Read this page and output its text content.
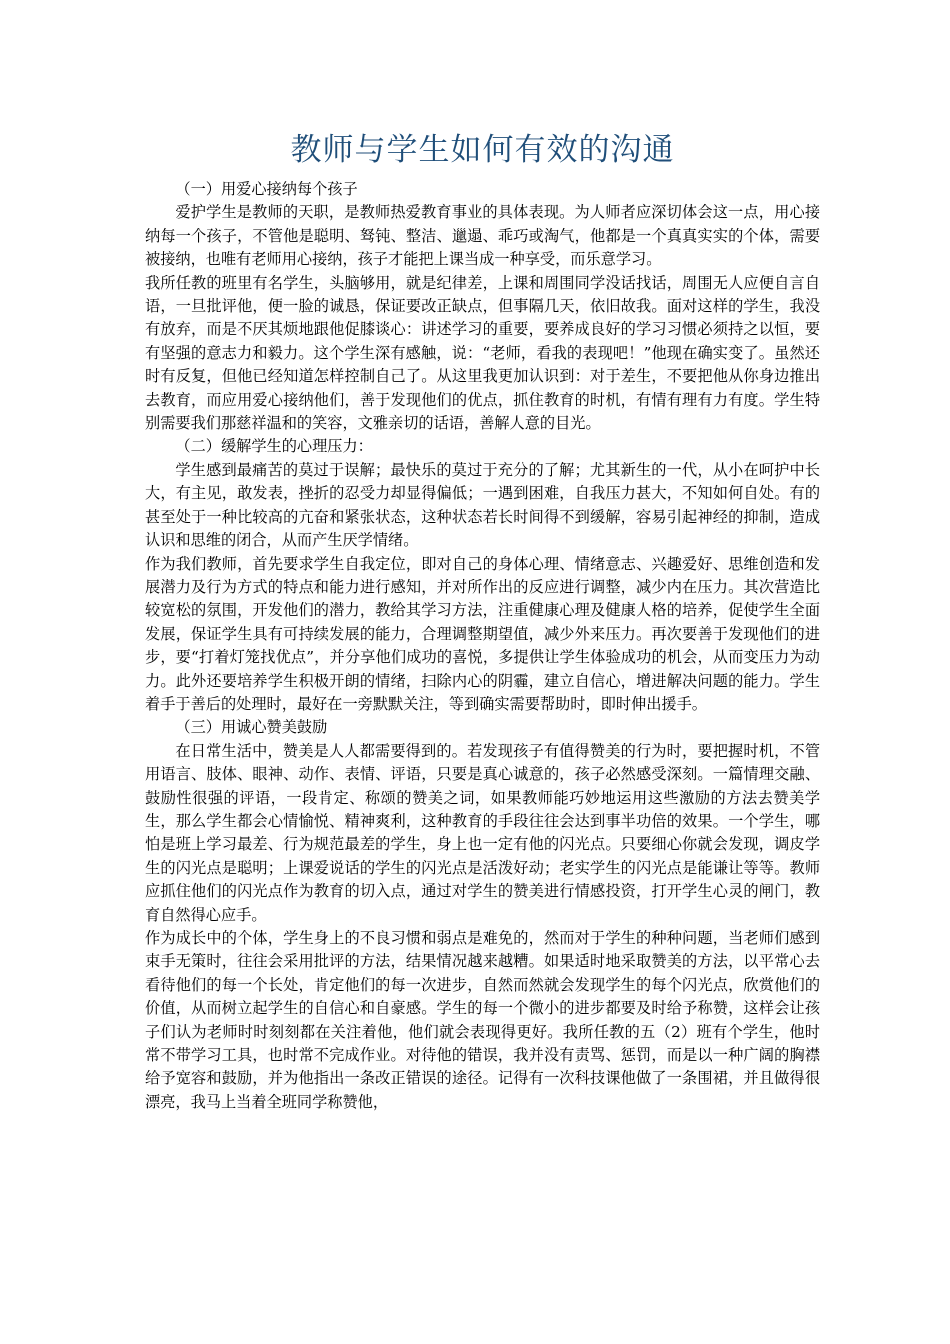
教师与学生如何有效的沟通

（一）用爱心接纳每个孩子

爱护学生是教师的天职，是教师热爱教育事业的具体表现。为人师者应深切体会这一点，用心接纳每一个孩子，不管他是聪明、驽钝、整洁、邋遢、乖巧或淘气，他都是一个真真实实的个体，需要被接纳，也唯有老师用心接纳，孩子才能把上课当成一种享受，而乐意学习。

我所任教的班里有名学生，头脑够用，就是纪律差，上课和周围同学没话找话，周围无人应便自言自语，一旦批评他，便一脸的诚恳，保证要改正缺点，但事隔几天，依旧故我。面对这样的学生，我没有放弃，而是不厌其烦地跟他促膝谈心：讲述学习的重要，要养成良好的学习习惯必须持之以恒，要有坚强的意志力和毅力。这个学生深有感触，说：“老师，看我的表现吧！”他现在确实变了。虽然还时有反复，但他已经知道怎样控制自己了。从这里我更加认识到：对于差生，不要把他从你身边推出去教育，而应用爱心接纳他们，善于发现他们的优点，抓住教育的时机，有情有理有力有度。学生特别需要我们那慈祥温和的笑容，文雅亲切的话语，善解人意的目光。

（二）缓解学生的心理压力：

学生感到最痛苦的莫过于误解；最快乐的莫过于充分的了解；尤其新生的一代，从小在呵护中长大，有主见，敢发表，挫折的忍受力却显得偏低；一遇到困难，自我压力甚大，不知如何自处。有的甚至处于一种比较高的亢奋和紧张状态，这种状态若长时间得不到缓解，容易引起神经的抑制，造成认识和思维的闭合，从而产生厌学情绪。

作为我们教师，首先要求学生自我定位，即对自己的身体心理、情绪意志、兴趣爱好、思维创造和发展潜力及行为方式的特点和能力进行感知，并对所作出的反应进行调整，减少内在压力。其次营造比较宽松的氛围，开发他们的潜力，教给其学习方法，注重健康心理及健康人格的培养，促使学生全面发展，保证学生具有可持续发展的能力，合理调整期望值，减少外来压力。再次要善于发现他们的进步，要“打着灯笼找优点”，并分享他们成功的喜悦，多提供让学生体验成功的机会，从而变压力为动力。此外还要培养学生积极开朗的情绪，扫除内心的阴霾，建立自信心，增进解决问题的能力。学生着手于善后的处理时，最好在一旁默默关注，等到确实需要帮助时，即时伸出援手。

（三）用诚心赞美鼓励

在日常生活中，赞美是人人都需要得到的。若发现孩子有值得赞美的行为时，要把握时机，不管用语言、肢体、眼神、动作、表情、评语，只要是真心诚意的，孩子必然感受深刻。一篇情理交融、鼓励性很强的评语，一段肯定、称颂的赞美之词，如果教师能巧妙地运用这些激励的方法去赞美学生，那么学生都会心情愉悦、精神爽利，这种教育的手段往往会达到事半功倍的效果。一个学生，哪怕是班上学习最差、行为规范最差的学生，身上也一定有他的闪光点。只要细心你就会发现，调皮学生的闪光点是聪明；上课爱说话的学生的闪光点是活泼好动；老实学生的闪光点是能谦让等等。教师应抓住他们的闪光点作为教育的切入点，通过对学生的赞美进行情感投资，打开学生心灵的闸门，教育自然得心应手。

作为成长中的个体，学生身上的不良习惯和弱点是难免的，然而对于学生的种种问题，当老师们感到束手无策时，往往会采用批评的方法，结果情况越来越糟。如果适时地采取赞美的方法，以平常心去看待他们的每一个长处，肯定他们的每一次进步，自然而然就会发现学生的每个闪光点，欣赏他们的价值，从而树立起学生的自信心和自豪感。学生的每一个微小的进步都要及时给予称赞，这样会让孩子们认为老师时时刻刻都在关注着他，他们就会表现得更好。我所任教的五（2）班有个学生，他时常不带学习工具，也时常不完成作业。对待他的错误，我并没有责骂、惩罚，而是以一种广阔的胸襟给予宽容和鼓励，并为他指出一条改正错误的途径。记得有一次科技课他做了一条围裙，并且做得很漂亮，我马上当着全班同学称赞他，
